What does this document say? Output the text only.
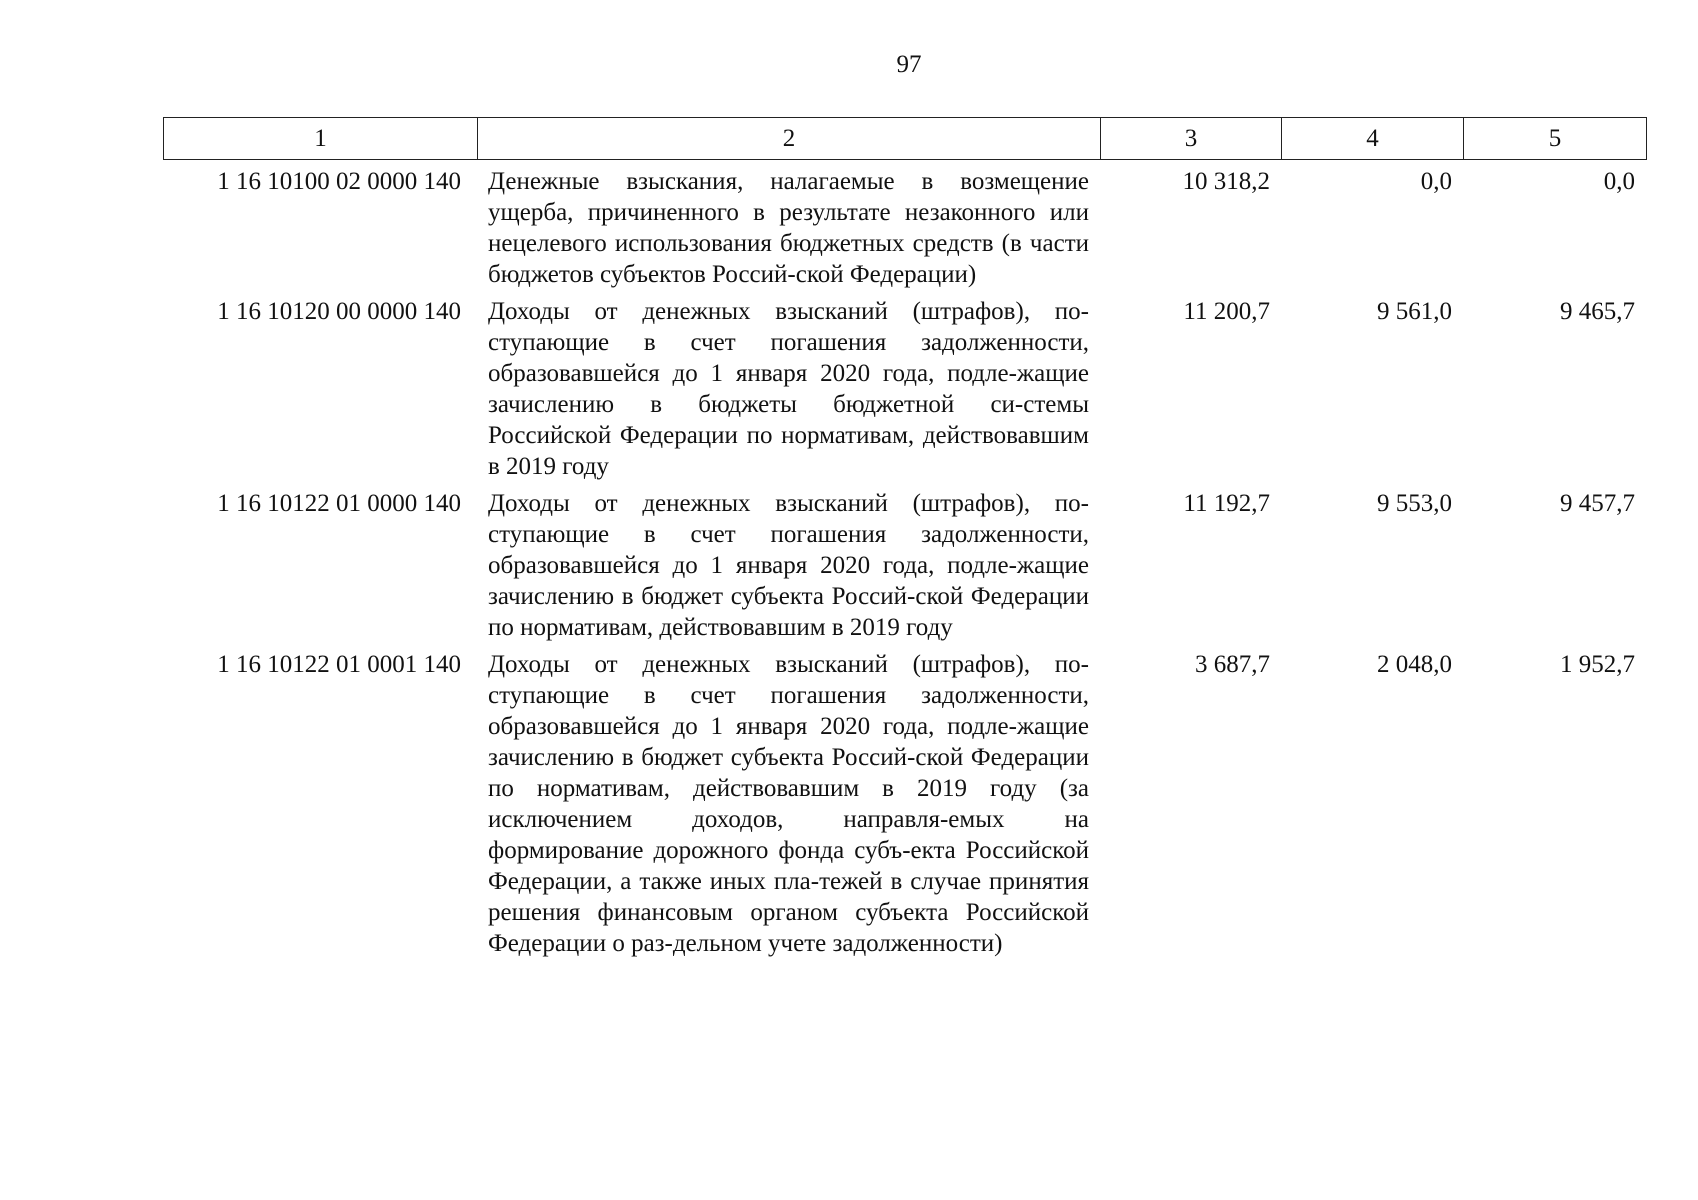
97
1	2	3	4	5
1 16 10100 02 0000 140	Денежные взыскания, налагаемые в возмещение ущерба, причиненного в результате незаконного или нецелевого использования бюджетных средств (в части бюджетов субъектов Россий-ской Федерации)	10 318,2	0,0	0,0
1 16 10120 00 0000 140	Доходы от денежных взысканий (штрафов), по-ступающие в счет погашения задолженности, образовавшейся до 1 января 2020 года, подле-жащие зачислению в бюджеты бюджетной си-стемы Российской Федерации по нормативам, действовавшим в 2019 году	11 200,7	9 561,0	9 465,7
1 16 10122 01 0000 140	Доходы от денежных взысканий (штрафов), по-ступающие в счет погашения задолженности, образовавшейся до 1 января 2020 года, подле-жащие зачислению в бюджет субъекта Россий-ской Федерации по нормативам, действовавшим в 2019 году	11 192,7	9 553,0	9 457,7
1 16 10122 01 0001 140	Доходы от денежных взысканий (штрафов), по-ступающие в счет погашения задолженности, образовавшейся до 1 января 2020 года, подле-жащие зачислению в бюджет субъекта Россий-ской Федерации по нормативам, действовавшим в 2019 году (за исключением доходов, направля-емых на формирование дорожного фонда субъ-екта Российской Федерации, а также иных пла-тежей в случае принятия решения финансовым органом субъекта Российской Федерации о раз-дельном учете задолженности)	3 687,7	2 048,0	1 952,7
